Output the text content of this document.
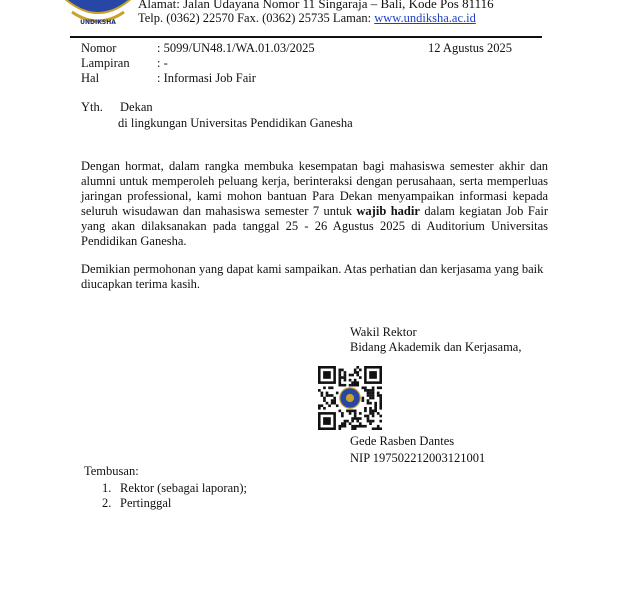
UNDIKSHA
Alamat: Jalan Udayana Nomor 11 Singaraja – Bali, Kode Pos 81116
Telp. (0362) 22570 Fax. (0362) 25735 Laman: www.undiksha.ac.id
Nomor	: 5099/UN48.1/WA.01.03/2025
Lampiran : -
Hal	: Informasi Job Fair
12 Agustus 2025
Yth. Dekan
di lingkungan Universitas Pendidikan Ganesha
Dengan hormat, dalam rangka membuka kesempatan bagi mahasiswa semester akhir dan
alumni untuk memperoleh peluang kerja, berinteraksi dengan perusahaan, serta memperluas
jaringan professional, kami mohon bantuan Para Dekan menyampaikan informasi kepada
seluruh wisudawan dan mahasiswa semester 7 untuk wajib hadir dalam kegiatan Job Fair
yang akan dilaksanakan pada tanggal 25 - 26 Agustus 2025 di Auditorium Universitas
Pendidikan Ganesha.
Demikian permohonan yang dapat kami sampaikan. Atas perhatian dan kerjasama yang baik
diucapkan terima kasih.
Wakil Rektor
Bidang Akademik dan Kerjasama,
Gede Rasben Dantes
NIP 197502212003121001
Tembusan:
1. Rektor (sebagai laporan);
2. Pertinggal
